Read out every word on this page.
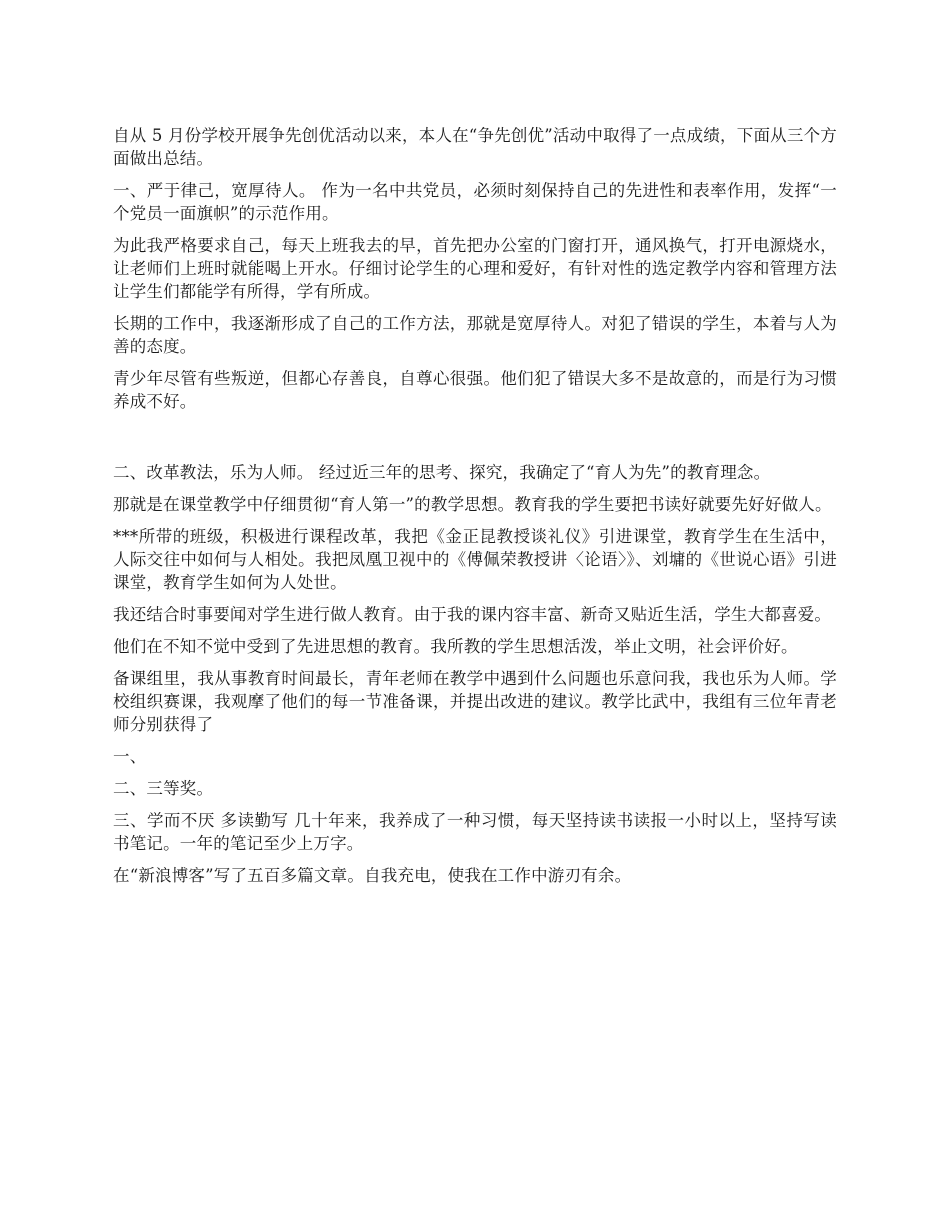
自从 5 月份学校开展争先创优活动以来，本人在“争先创优”活动中取得了一点成绩，下面从三个方面做出总结。

一、严于律己，宽厚待人。 作为一名中共党员，必须时刻保持自己的先进性和表率作用，发挥“一个党员一面旗帜”的示范作用。

为此我严格要求自己，每天上班我去的早，首先把办公室的门窗打开，通风换气，打开电源烧水，让老师们上班时就能喝上开水。仔细讨论学生的心理和爱好，有针对性的选定教学内容和管理方法让学生们都能学有所得，学有所成。

长期的工作中，我逐渐形成了自己的工作方法，那就是宽厚待人。对犯了错误的学生，本着与人为善的态度。

青少年尽管有些叛逆，但都心存善良，自尊心很强。他们犯了错误大多不是故意的，而是行为习惯养成不好。

二、改革教法，乐为人师。 经过近三年的思考、探究，我确定了“育人为先”的教育理念。

那就是在课堂教学中仔细贯彻“育人第一”的教学思想。教育我的学生要把书读好就要先好好做人。

***所带的班级，积极进行课程改革，我把《金正昆教授谈礼仪》引进课堂，教育学生在生活中，人际交往中如何与人相处。我把凤凰卫视中的《傅佩荣教授讲〈论语〉》、刘墉的《世说心语》引进课堂，教育学生如何为人处世。

我还结合时事要闻对学生进行做人教育。由于我的课内容丰富、新奇又贴近生活，学生大都喜爱。

他们在不知不觉中受到了先进思想的教育。我所教的学生思想活泼，举止文明，社会评价好。

备课组里，我从事教育时间最长，青年老师在教学中遇到什么问题也乐意问我，我也乐为人师。学校组织赛课，我观摩了他们的每一节准备课，并提出改进的建议。教学比武中，我组有三位年青老师分别获得了

一、

二、三等奖。

三、学而不厌 多读勤写 几十年来，我养成了一种习惯，每天坚持读书读报一小时以上，坚持写读书笔记。一年的笔记至少上万字。

在“新浪博客”写了五百多篇文章。自我充电，使我在工作中游刃有余。
